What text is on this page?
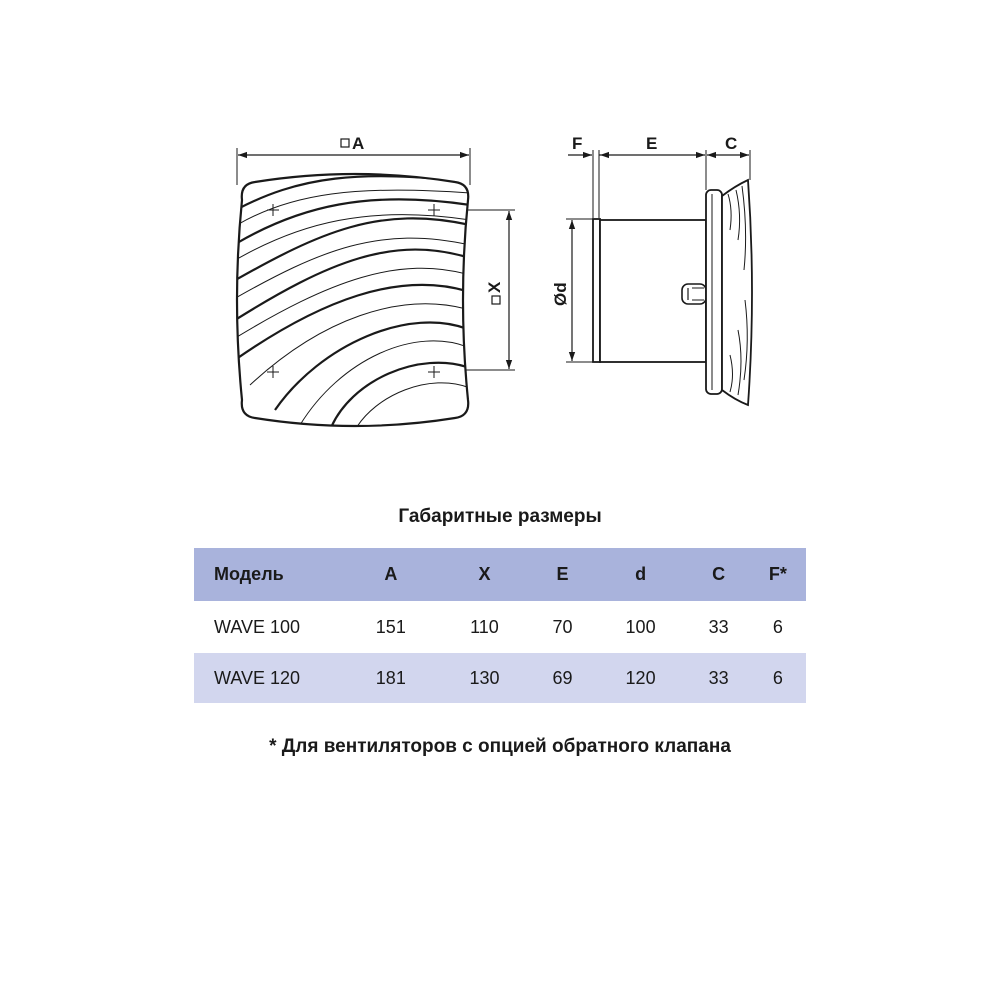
A
X
F	E	C
Ød
Габаритные размеры
Модель	A	X	E	d	C	F*
WAVE 100	151	110	70	100	33	6
WAVE 120	181	130	69	120	33	6
* Для вентиляторов с опцией обратного клапана
